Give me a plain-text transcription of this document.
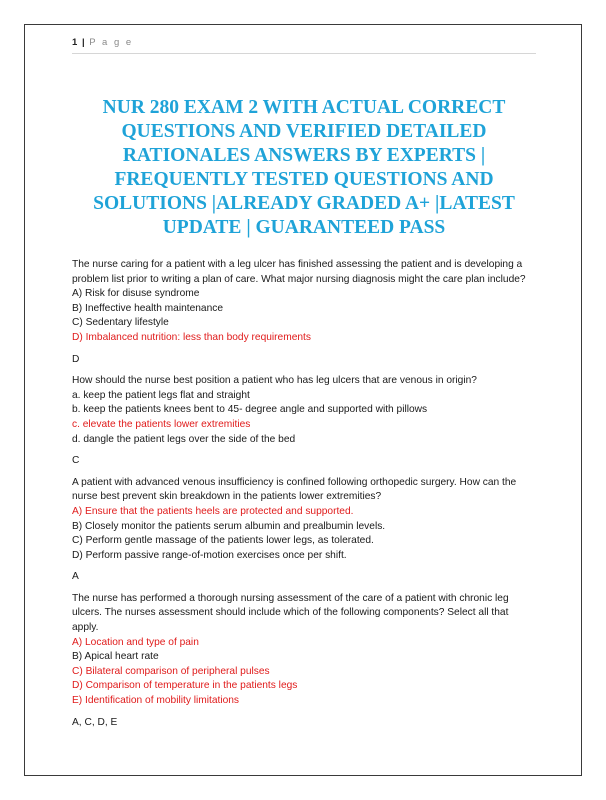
1 | P a g e
NUR 280 EXAM 2 WITH ACTUAL CORRECT QUESTIONS AND VERIFIED DETAILED RATIONALES ANSWERS BY EXPERTS | FREQUENTLY TESTED QUESTIONS AND SOLUTIONS |ALREADY GRADED A+ |LATEST UPDATE | GUARANTEED PASS

The nurse caring for a patient with a leg ulcer has finished assessing the patient and is developing a problem list prior to writing a plan of care. What major nursing diagnosis might the care plan include?

A) Risk for disuse syndrome

B) Ineffective health maintenance

C) Sedentary lifestyle

D) Imbalanced nutrition: less than body requirements

D

How should the nurse best position a patient who has leg ulcers that are venous in origin?

a. keep the patient legs flat and straight

b. keep the patients knees bent to 45- degree angle and supported with pillows

c. elevate the patients lower extremities

d. dangle the patient legs over the side of the bed

C

A patient with advanced venous insufficiency is confined following orthopedic surgery. How can the nurse best prevent skin breakdown in the patients lower extremities?

A) Ensure that the patients heels are protected and supported.

B) Closely monitor the patients serum albumin and prealbumin levels.

C) Perform gentle massage of the patients lower legs, as tolerated.

D) Perform passive range-of-motion exercises once per shift.

A

The nurse has performed a thorough nursing assessment of the care of a patient with chronic leg ulcers. The nurses assessment should include which of the following components? Select all that apply.

A) Location and type of pain

B) Apical heart rate

C) Bilateral comparison of peripheral pulses

D) Comparison of temperature in the patients legs

E) Identification of mobility limitations

A, C, D, E
